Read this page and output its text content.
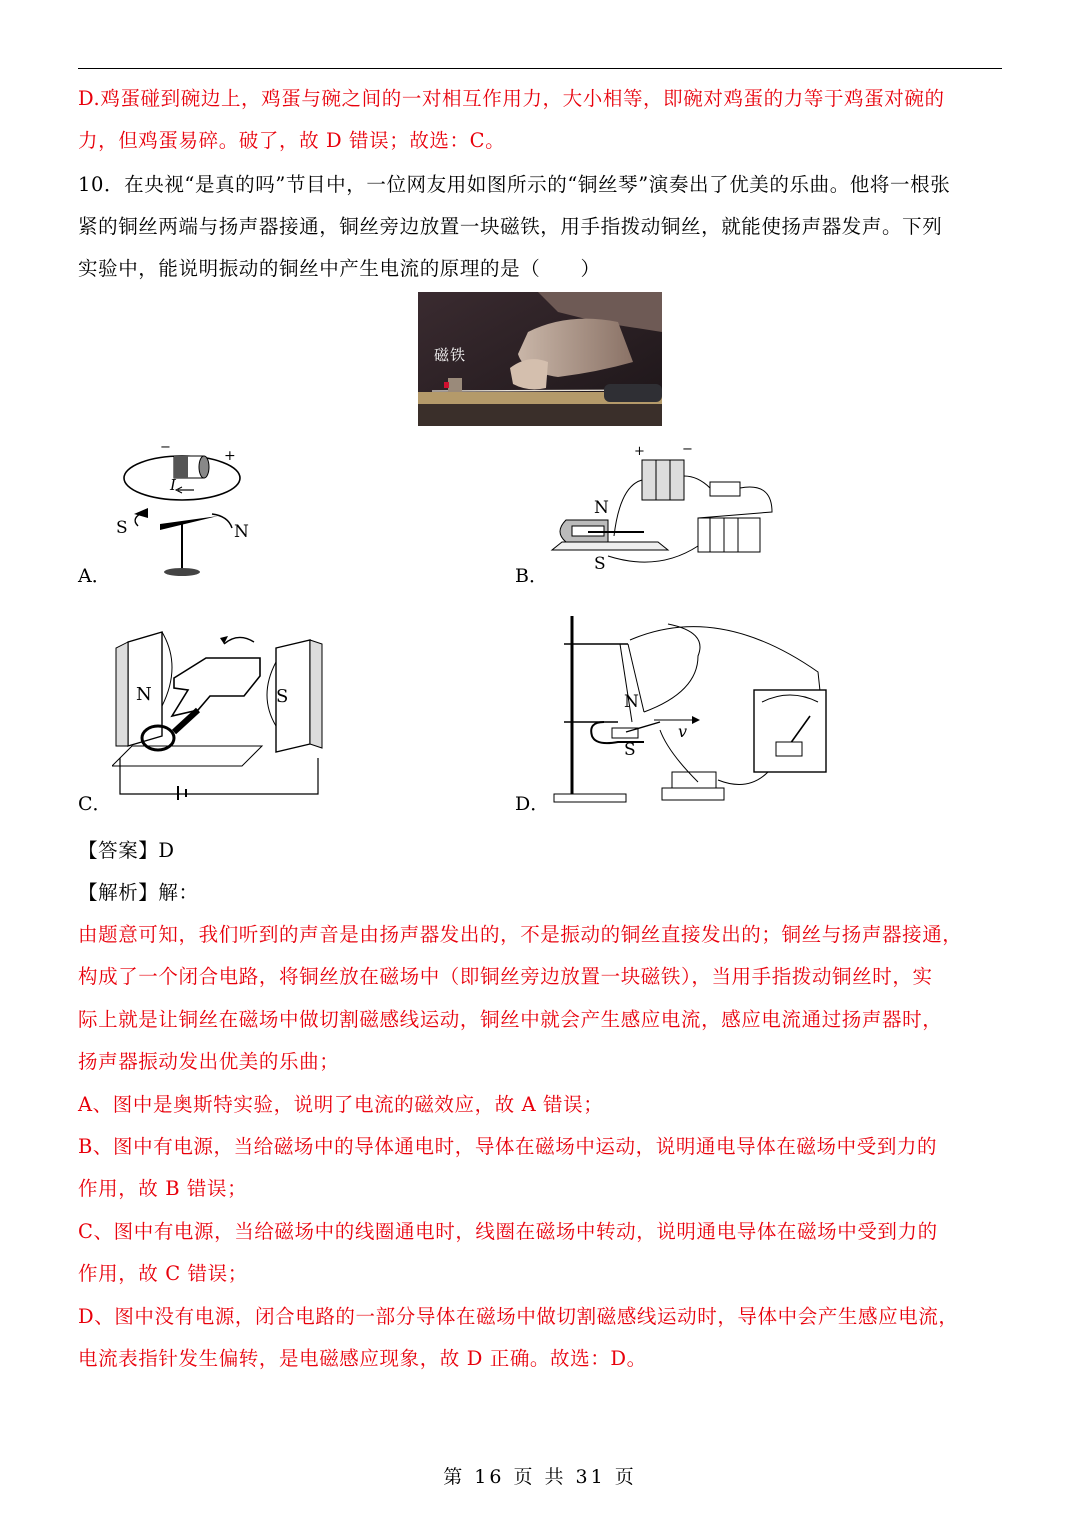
D.鸡蛋碰到碗边上，鸡蛋与碗之间的一对相互作用力，大小相等，即碗对鸡蛋的力等于鸡蛋对碗的
力，但鸡蛋易碎。破了，故 D 错误；故选：C。
10．在央视“是真的吗”节目中，一位网友用如图所示的“铜丝琴”演奏出了优美的乐曲。他将一根张
紧的铜丝两端与扬声器接通，铜丝旁边放置一块磁铁，用手指拨动铜丝，就能使扬声器发声。下列
实验中，能说明振动的铜丝中产生电流的原理的是（　　）
磁铁
−
+
I
S	N
A．
+	−
N
S
B．
N	S
C．
N
S
v
D．
【答案】D
【解析】解：
由题意可知，我们听到的声音是由扬声器发出的，不是振动的铜丝直接发出的；铜丝与扬声器接通，
构成了一个闭合电路，将铜丝放在磁场中（即铜丝旁边放置一块磁铁），当用手指拨动铜丝时，实
际上就是让铜丝在磁场中做切割磁感线运动，铜丝中就会产生感应电流，感应电流通过扬声器时，
扬声器振动发出优美的乐曲；
A、图中是奥斯特实验，说明了电流的磁效应，故 A 错误；
B、图中有电源，当给磁场中的导体通电时，导体在磁场中运动，说明通电导体在磁场中受到力的
作用，故 B 错误；
C、图中有电源，当给磁场中的线圈通电时，线圈在磁场中转动，说明通电导体在磁场中受到力的
作用，故 C 错误；
D、图中没有电源，闭合电路的一部分导体在磁场中做切割磁感线运动时，导体中会产生感应电流，
电流表指针发生偏转，是电磁感应现象，故 D 正确。故选：D。
第 16 页 共 31 页
